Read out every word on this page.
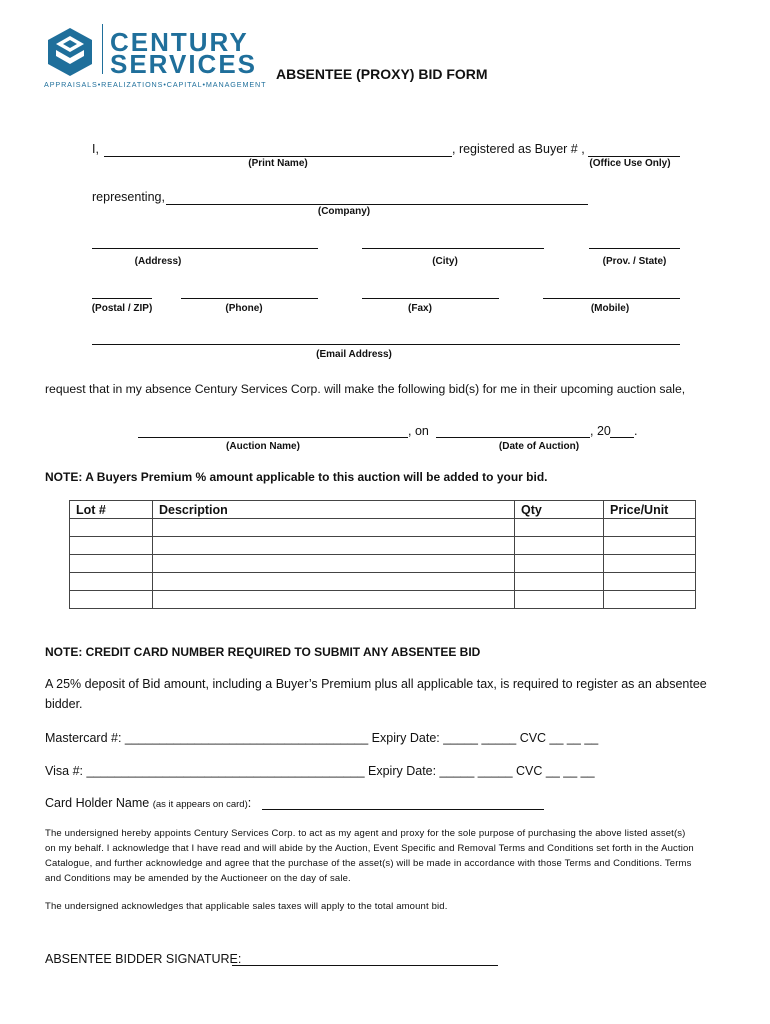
CENTURY
SERVICES
APPRAISALS•REALIZATIONS•CAPITAL•MANAGEMENT
ABSENTEE (PROXY) BID FORM
I,	, registered as Buyer # ,
(Print Name)	(Office Use Only)
representing,
(Company)
(Address)	(City)	(Prov. / State)
(Postal / ZIP)	(Phone)	(Fax)	(Mobile)
(Email Address)
request that in my absence Century Services Corp. will make the following bid(s) for me in their upcoming auction sale,
, on	, 20 .
(Auction Name)	(Date of Auction)
NOTE: A Buyers Premium % amount applicable to this auction will be added to your bid.
Lot #	Description	Qty	Price/Unit

NOTE: CREDIT CARD NUMBER REQUIRED TO SUBMIT ANY ABSENTEE BID
A 25% deposit of Bid amount, including a Buyer’s Premium plus all applicable tax, is required to register as an absentee
bidder.
Mastercard #: ___________________________________ Expiry Date: _____ _____ CVC __ __ __
Visa #: ________________________________________ Expiry Date: _____ _____ CVC __ __ __
Card Holder Name (as it appears on card):
The undersigned hereby appoints Century Services Corp. to act as my agent and proxy for the sole purpose of purchasing the above listed asset(s)
on my behalf. I acknowledge that I have read and will abide by the Auction, Event Specific and Removal Terms and Conditions set forth in the Auction
Catalogue, and further acknowledge and agree that the purchase of the asset(s) will be made in accordance with those Terms and Conditions. Terms
and Conditions may be amended by the Auctioneer on the day of sale.
The undersigned acknowledges that applicable sales taxes will apply to the total amount bid.
ABSENTEE BIDDER SIGNATURE:
